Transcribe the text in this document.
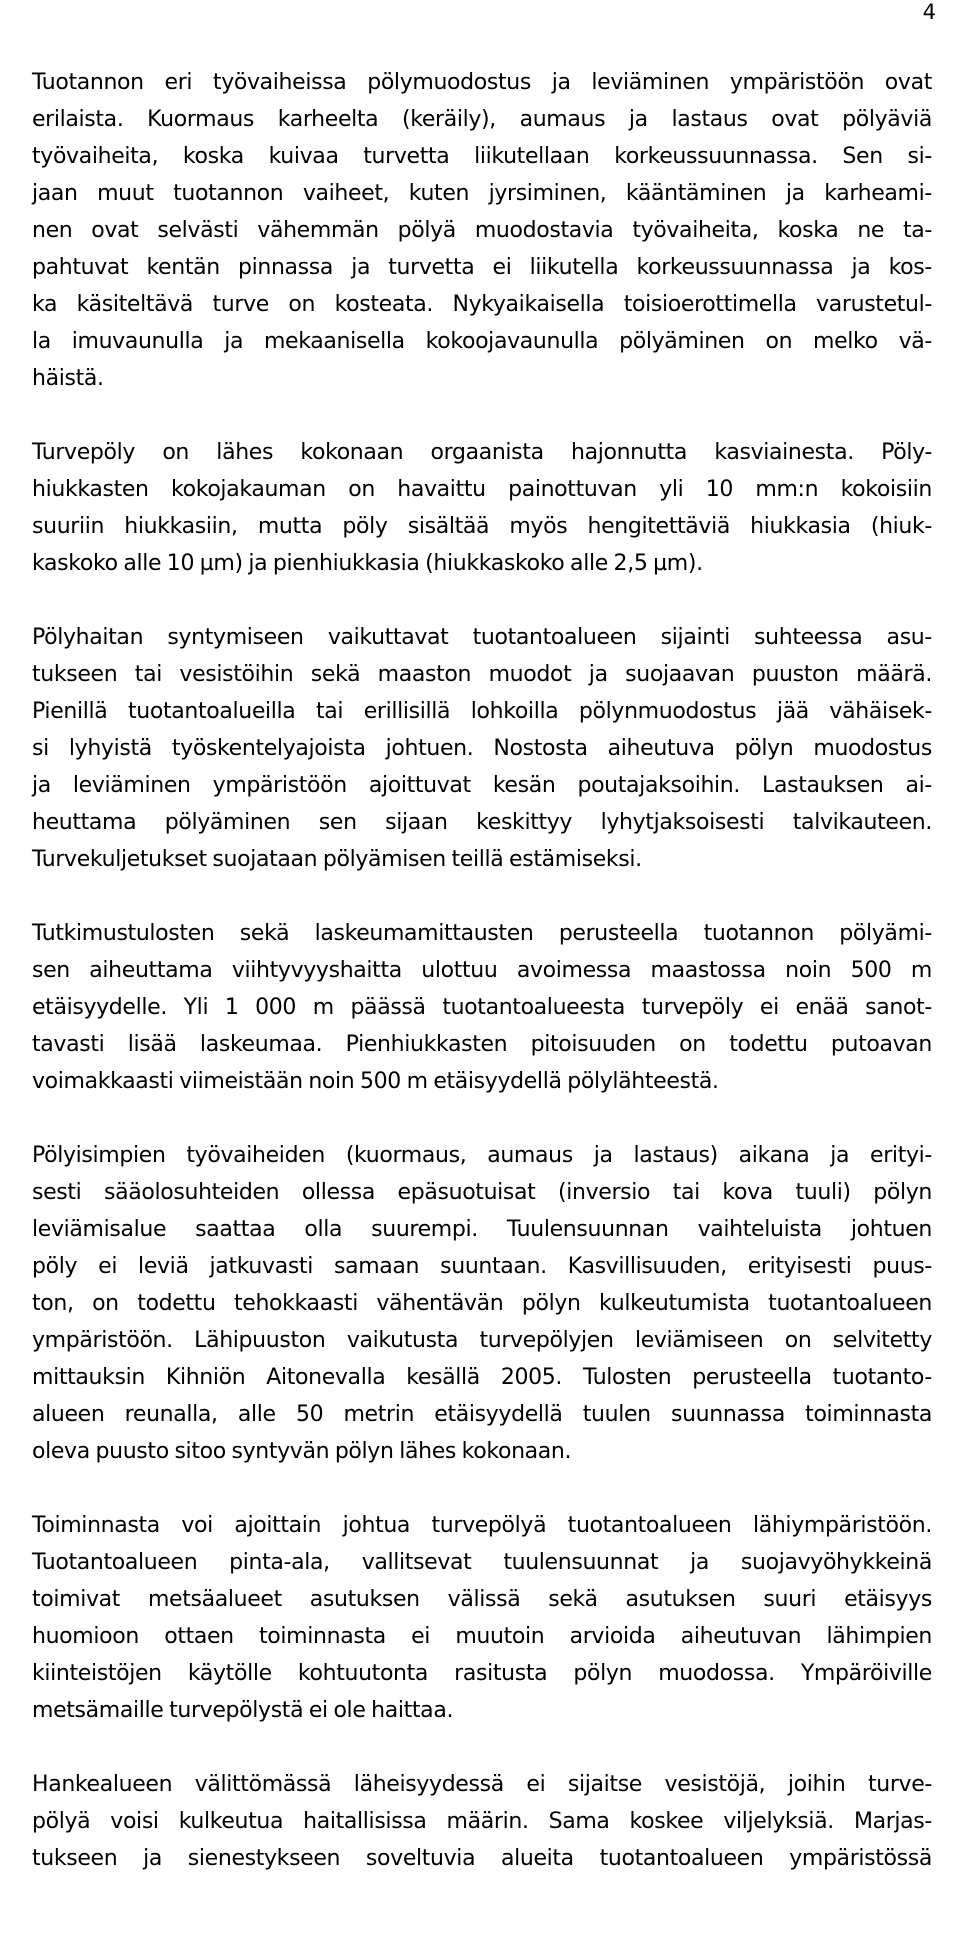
4
Tuotannon eri työvaiheissa pölymuodostus ja leviäminen ympäristöön ovat
erilaista. Kuormaus karheelta (keräily), aumaus ja lastaus ovat pölyäviä
työvaiheita, koska kuivaa turvetta liikutellaan korkeussuunnassa. Sen si-
jaan muut tuotannon vaiheet, kuten jyrsiminen, kääntäminen ja karheami-
nen ovat selvästi vähemmän pölyä muodostavia työvaiheita, koska ne ta-
pahtuvat kentän pinnassa ja turvetta ei liikutella korkeussuunnassa ja kos-
ka käsiteltävä turve on kosteata. Nykyaikaisella toisioerottimella varustetul-
la imuvaunulla ja mekaanisella kokoojavaunulla pölyäminen on melko vä-
häistä.
Turvepöly on lähes kokonaan orgaanista hajonnutta kasviainesta. Pöly-
hiukkasten kokojakauman on havaittu painottuvan yli 10 mm:n kokoisiin
suuriin hiukkasiin, mutta pöly sisältää myös hengitettäviä hiukkasia (hiuk-
kaskoko alle 10 µm) ja pienhiukkasia (hiukkaskoko alle 2,5 µm).
Pölyhaitan syntymiseen vaikuttavat tuotantoalueen sijainti suhteessa asu-
tukseen tai vesistöihin sekä maaston muodot ja suojaavan puuston määrä.
Pienillä tuotantoalueilla tai erillisillä lohkoilla pölynmuodostus jää vähäisek-
si lyhyistä työskentelyajoista johtuen. Nostosta aiheutuva pölyn muodostus
ja leviäminen ympäristöön ajoittuvat kesän poutajaksoihin. Lastauksen ai-
heuttama pölyäminen sen sijaan keskittyy lyhytjaksoisesti talvikauteen.
Turvekuljetukset suojataan pölyämisen teillä estämiseksi.
Tutkimustulosten sekä laskeumamittausten perusteella tuotannon pölyämi-
sen aiheuttama viihtyvyyshaitta ulottuu avoimessa maastossa noin 500 m
etäisyydelle. Yli 1 000 m päässä tuotantoalueesta turvepöly ei enää sanot-
tavasti lisää laskeumaa. Pienhiukkasten pitoisuuden on todettu putoavan
voimakkaasti viimeistään noin 500 m etäisyydellä pölylähteestä.
Pölyisimpien työvaiheiden (kuormaus, aumaus ja lastaus) aikana ja erityi-
sesti sääolosuhteiden ollessa epäsuotuisat (inversio tai kova tuuli) pölyn
leviämisalue saattaa olla suurempi. Tuulensuunnan vaihteluista johtuen
pöly ei leviä jatkuvasti samaan suuntaan. Kasvillisuuden, erityisesti puus-
ton, on todettu tehokkaasti vähentävän pölyn kulkeutumista tuotantoalueen
ympäristöön. Lähipuuston vaikutusta turvepölyjen leviämiseen on selvitetty
mittauksin Kihniön Aitonevalla kesällä 2005. Tulosten perusteella tuotanto-
alueen reunalla, alle 50 metrin etäisyydellä tuulen suunnassa toiminnasta
oleva puusto sitoo syntyvän pölyn lähes kokonaan.
Toiminnasta voi ajoittain johtua turvepölyä tuotantoalueen lähiympäristöön.
Tuotantoalueen pinta-ala, vallitsevat tuulensuunnat ja suojavyöhykkeinä
toimivat metsäalueet asutuksen välissä sekä asutuksen suuri etäisyys
huomioon ottaen toiminnasta ei muutoin arvioida aiheutuvan lähimpien
kiinteistöjen käytölle kohtuutonta rasitusta pölyn muodossa. Ympäröiville
metsämaille turvepölystä ei ole haittaa.
Hankealueen välittömässä läheisyydessä ei sijaitse vesistöjä, joihin turve-
pölyä voisi kulkeutua haitallisissa määrin. Sama koskee viljelyksiä. Marjas-
tukseen ja sienestykseen soveltuvia alueita tuotantoalueen ympäristössä
